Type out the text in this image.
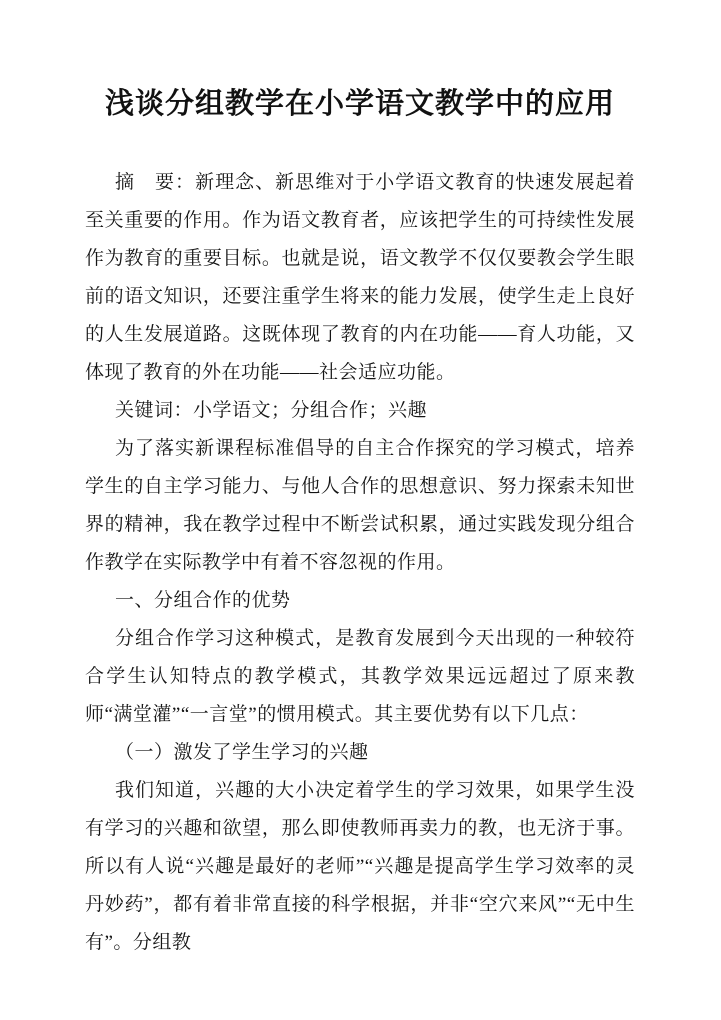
浅谈分组教学在小学语文教学中的应用

摘　要：新理念、新思维对于小学语文教育的快速发展起着至关重要的作用。作为语文教育者，应该把学生的可持续性发展作为教育的重要目标。也就是说，语文教学不仅仅要教会学生眼前的语文知识，还要注重学生将来的能力发展，使学生走上良好的人生发展道路。这既体现了教育的内在功能——育人功能，又体现了教育的外在功能——社会适应功能。

关键词：小学语文；分组合作；兴趣

为了落实新课程标准倡导的自主合作探究的学习模式，培养学生的自主学习能力、与他人合作的思想意识、努力探索未知世界的精神，我在教学过程中不断尝试积累，通过实践发现分组合作教学在实际教学中有着不容忽视的作用。

一、分组合作的优势

分组合作学习这种模式，是教育发展到今天出现的一种较符合学生认知特点的教学模式，其教学效果远远超过了原来教师“满堂灌”“一言堂”的惯用模式。其主要优势有以下几点：

（一）激发了学生学习的兴趣

我们知道，兴趣的大小决定着学生的学习效果，如果学生没有学习的兴趣和欲望，那么即使教师再卖力的教，也无济于事。所以有人说“兴趣是最好的老师”“兴趣是提高学生学习效率的灵丹妙药”，都有着非常直接的科学根据，并非“空穴来风”“无中生有”。分组教
